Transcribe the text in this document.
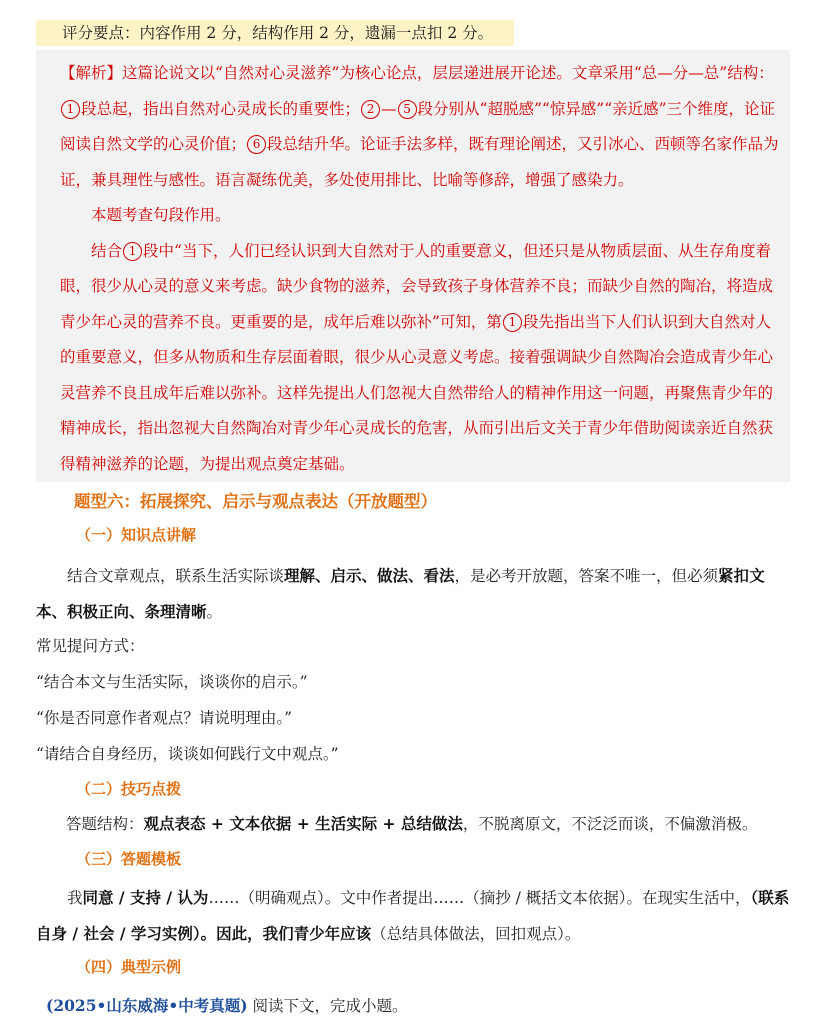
评分要点：内容作用 2 分，结构作用 2 分，遗漏一点扣 2 分。

【解析】这篇论说文以“自然对心灵滋养”为核心论点，层层递进展开论述。文章采用“总—分—总”结构：1 段总起，指出自然对心灵成长的重要性； 2 — 5 段分别从“超脱感”“惊异感”“亲近感”三个维度，论证阅读自然文学的心灵价值； 6 段总结升华。论证手法多样，既有理论阐述，又引冰心、西顿等名家作品为证，兼具理性与感性。语言凝练优美，多处使用排比、比喻等修辞，增强了感染力。

本题考查句段作用。

结合 1 段中“当下，人们已经认识到大自然对于人的重要意义，但还只是从物质层面、从生存角度着眼，很少从心灵的意义来考虑。缺少食物的滋养，会导致孩子身体营养不良；而缺少自然的陶冶，将造成青少年心灵的营养不良。更重要的是，成年后难以弥补”可知，第 1 段先指出当下人们认识到大自然对人的重要意义，但多从物质和生存层面着眼，很少从心灵意义考虑。接着强调缺少自然陶冶会造成青少年心灵营养不良且成年后难以弥补。这样先提出人们忽视大自然带给人的精神作用这一问题，再聚焦青少年的精神成长，指出忽视大自然陶冶对青少年心灵成长的危害，从而引出后文关于青少年借助阅读亲近自然获得精神滋养的论题，为提出观点奠定基础。

题型六：拓展探究、启示与观点表达（开放题型）
（一）知识点讲解
结合文章观点，联系生活实际谈理解、启示、做法、看法，是必考开放题，答案不唯一，但必须紧扣文本、积极正向、条理清晰。
常见提问方式：
“结合本文与生活实际，谈谈你的启示。”
“你是否同意作者观点？请说明理由。”
“请结合自身经历，谈谈如何践行文中观点。”
（二）技巧点拨
答题结构：观点表态 + 文本依据 + 生活实际 + 总结做法，不脱离原文，不泛泛而谈，不偏激消极。
（三）答题模板
我同意 / 支持 / 认为……（明确观点）。文中作者提出……（摘抄 / 概括文本依据）。在现实生活中，（联系自身 / 社会 / 学习实例）。因此，我们青少年应该（总结具体做法，回扣观点）。
（四）典型示例
(2025•山东威海•中考真题) 阅读下文，完成小题。
